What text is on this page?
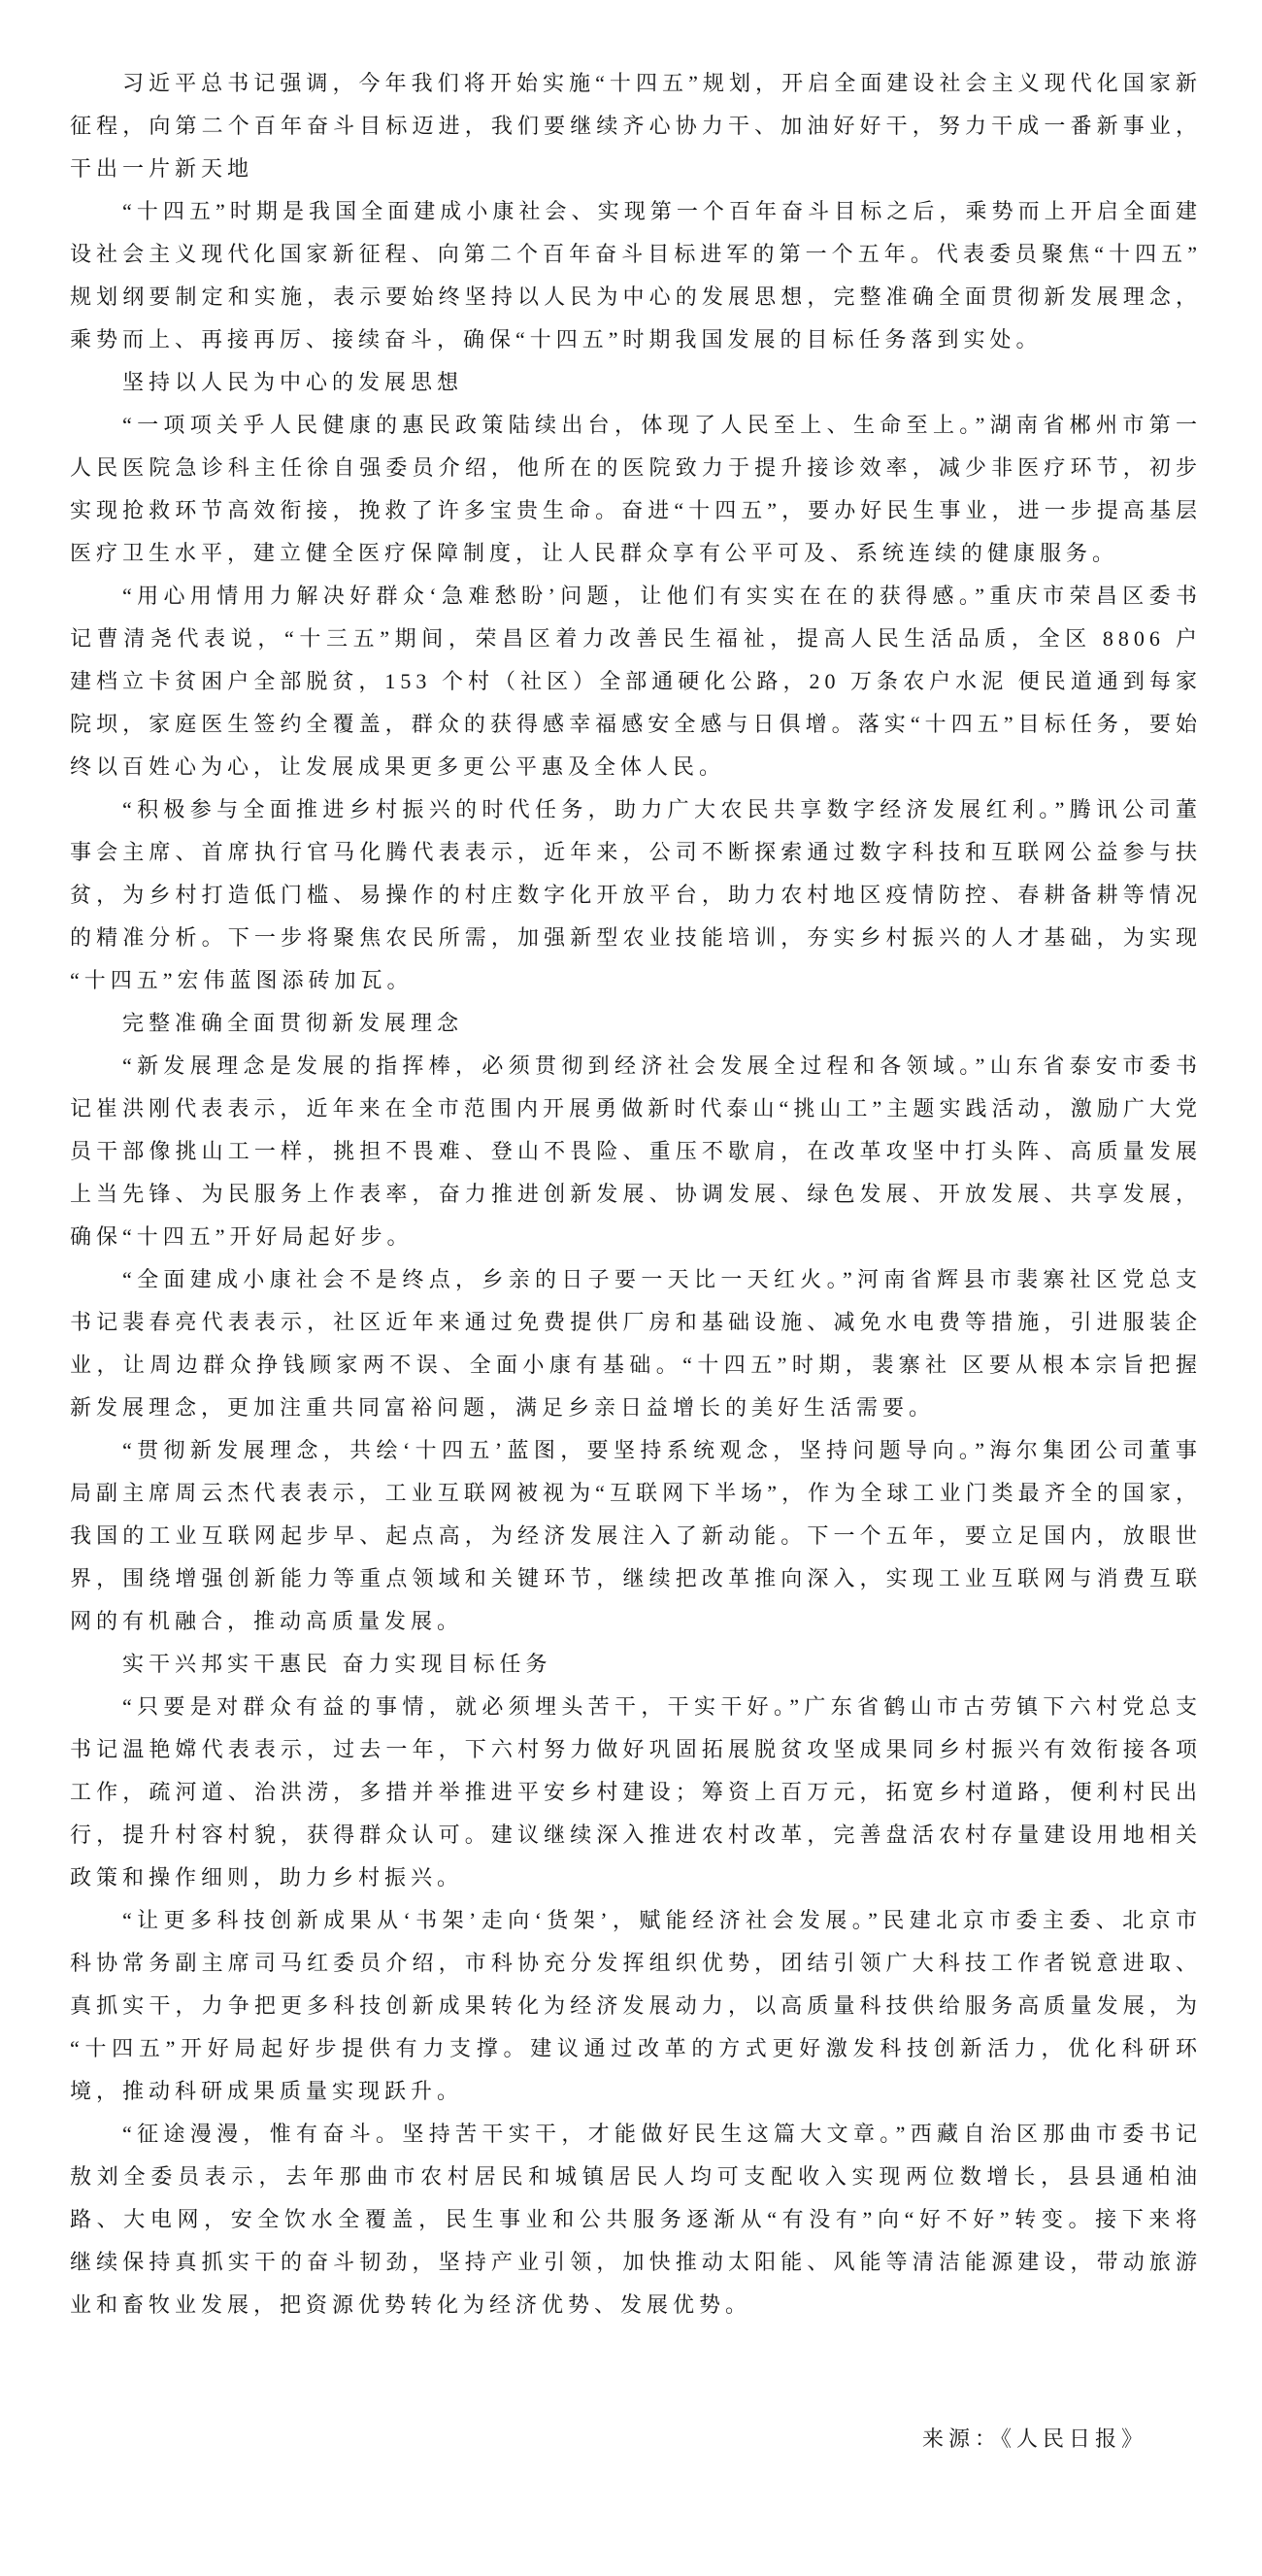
习近平总书记强调，今年我们将开始实施“十四五”规划，开启全面建设社会主义现代化国家新征程，向第二个百年奋斗目标迈进，我们要继续齐心协力干、加油好好干，努力干成一番新事业，干出一片新天地

“十四五”时期是我国全面建成小康社会、实现第一个百年奋斗目标之后，乘势而上开启全面建设社会主义现代化国家新征程、向第二个百年奋斗目标进军的第一个五年。代表委员聚焦“十四五”规划纲要制定和实施，表示要始终坚持以人民为中心的发展思想，完整准确全面贯彻新发展理念，乘势而上、再接再厉、接续奋斗，确保“十四五”时期我国发展的目标任务落到实处。

坚持以人民为中心的发展思想

“一项项关乎人民健康的惠民政策陆续出台，体现了人民至上、生命至上。”湖南省郴州市第一人民医院急诊科主任徐自强委员介绍，他所在的医院致力于提升接诊效率，减少非医疗环节，初步实现抢救环节高效衔接，挽救了许多宝贵生命。奋进“十四五”，要办好民生事业，进一步提高基层医疗卫生水平，建立健全医疗保障制度，让人民群众享有公平可及、系统连续的健康服务。

“用心用情用力解决好群众‘急难愁盼’问题，让他们有实实在在的获得感。”重庆市荣昌区委书记曹清尧代表说，“十三五”期间，荣昌区着力改善民生福祉，提高人民生活品质，全区 8806 户建档立卡贫困户全部脱贫，153 个村（社区）全部通硬化公路，20 万条农户水泥 便民道通到每家院坝，家庭医生签约全覆盖，群众的获得感幸福感安全感与日俱增。落实“十四五”目标任务，要始终以百姓心为心，让发展成果更多更公平惠及全体人民。

“积极参与全面推进乡村振兴的时代任务，助力广大农民共享数字经济发展红利。”腾讯公司董事会主席、首席执行官马化腾代表表示，近年来，公司不断探索通过数字科技和互联网公益参与扶贫，为乡村打造低门槛、易操作的村庄数字化开放平台，助力农村地区疫情防控、春耕备耕等情况的精准分析。下一步将聚焦农民所需，加强新型农业技能培训，夯实乡村振兴的人才基础，为实现“十四五”宏伟蓝图添砖加瓦。

完整准确全面贯彻新发展理念

“新发展理念是发展的指挥棒，必须贯彻到经济社会发展全过程和各领域。”山东省泰安市委书记崔洪刚代表表示，近年来在全市范围内开展勇做新时代泰山“挑山工”主题实践活动，激励广大党员干部像挑山工一样，挑担不畏难、登山不畏险、重压不歇肩，在改革攻坚中打头阵、高质量发展上当先锋、为民服务上作表率，奋力推进创新发展、协调发展、绿色发展、开放发展、共享发展，确保“十四五”开好局起好步。

“全面建成小康社会不是终点，乡亲的日子要一天比一天红火。”河南省辉县市裴寨社区党总支书记裴春亮代表表示，社区近年来通过免费提供厂房和基础设施、减免水电费等措施，引进服装企业，让周边群众挣钱顾家两不误、全面小康有基础。“十四五”时期，裴寨社 区要从根本宗旨把握新发展理念，更加注重共同富裕问题，满足乡亲日益增长的美好生活需要。

“贯彻新发展理念，共绘‘十四五’蓝图，要坚持系统观念，坚持问题导向。”海尔集团公司董事局副主席周云杰代表表示，工业互联网被视为“互联网下半场”，作为全球工业门类最齐全的国家，我国的工业互联网起步早、起点高，为经济发展注入了新动能。下一个五年，要立足国内，放眼世界，围绕增强创新能力等重点领域和关键环节，继续把改革推向深入，实现工业互联网与消费互联网的有机融合，推动高质量发展。

实干兴邦实干惠民 奋力实现目标任务

“只要是对群众有益的事情，就必须埋头苦干，干实干好。”广东省鹤山市古劳镇下六村党总支书记温艳嫦代表表示，过去一年，下六村努力做好巩固拓展脱贫攻坚成果同乡村振兴有效衔接各项工作，疏河道、治洪涝，多措并举推进平安乡村建设；筹资上百万元，拓宽乡村道路，便利村民出行，提升村容村貌，获得群众认可。建议继续深入推进农村改革，完善盘活农村存量建设用地相关政策和操作细则，助力乡村振兴。

“让更多科技创新成果从‘书架’走向‘货架’，赋能经济社会发展。”民建北京市委主委、北京市科协常务副主席司马红委员介绍，市科协充分发挥组织优势，团结引领广大科技工作者锐意进取、真抓实干，力争把更多科技创新成果转化为经济发展动力，以高质量科技供给服务高质量发展，为“十四五”开好局起好步提供有力支撑。建议通过改革的方式更好激发科技创新活力，优化科研环境，推动科研成果质量实现跃升。

“征途漫漫，惟有奋斗。坚持苦干实干，才能做好民生这篇大文章。”西藏自治区那曲市委书记敖刘全委员表示，去年那曲市农村居民和城镇居民人均可支配收入实现两位数增长，县县通柏油路、大电网，安全饮水全覆盖，民生事业和公共服务逐渐从“有没有”向“好不好”转变。接下来将继续保持真抓实干的奋斗韧劲，坚持产业引领，加快推动太阳能、风能等清洁能源建设，带动旅游业和畜牧业发展，把资源优势转化为经济优势、发展优势。

来源：《人民日报》
